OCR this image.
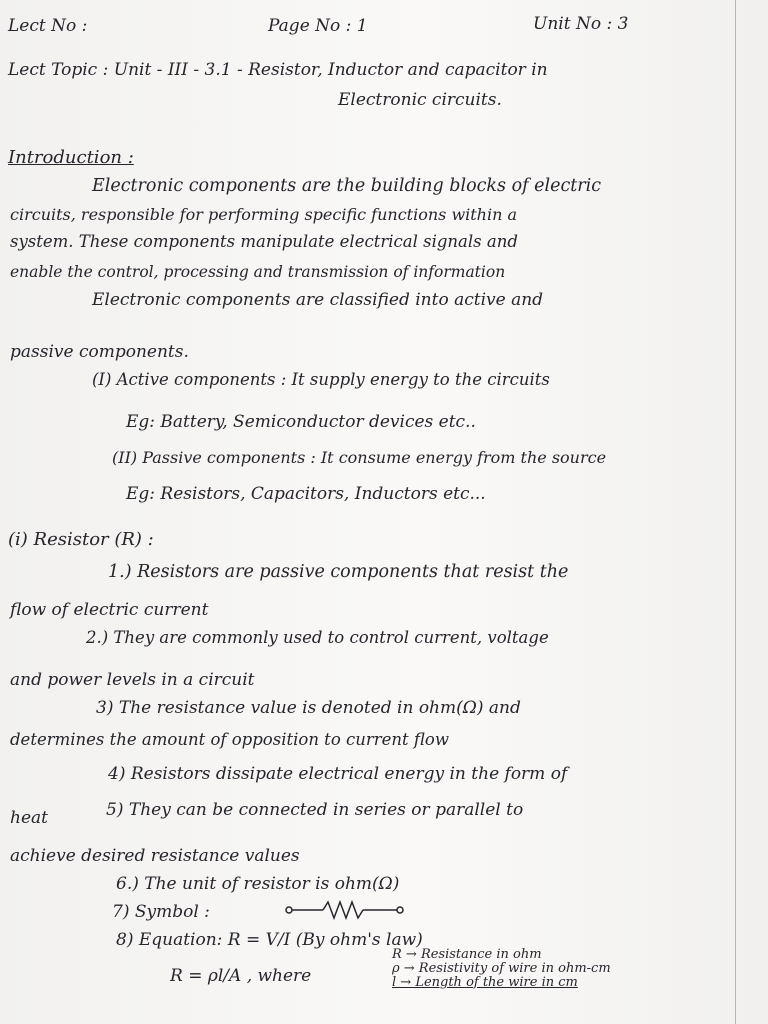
Lect No :	Page No : 1	Unit No : 3
Lect Topic : Unit - III - 3.1 - Resistor, Inductor and capacitor in
Electronic circuits.
Introduction :
Electronic components are the building blocks of electric
circuits, responsible for performing specific functions within a
system. These components manipulate electrical signals and
enable the control, processing and transmission of information
Electronic components are classified into active and
passive components.
(I) Active components : It supply energy to the circuits
Eg: Battery, Semiconductor devices etc..
(II) Passive components : It consume energy from the source
Eg: Resistors, Capacitors, Inductors etc...
(i) Resistor (R) :
1.) Resistors are passive components that resist the
flow of electric current
2.) They are commonly used to control current, voltage
and power levels in a circuit
3) The resistance value is denoted in ohm(Ω) and
determines the amount of opposition to current flow
4) Resistors dissipate electrical energy in the form of
heat	5) They can be connected in series or parallel to
achieve desired resistance values
6.) The unit of resistor is ohm(Ω)
7) Symbol :
8) Equation: R = V/I (By ohm's law)
R = ρl/A , where
R → Resistance in ohm
ρ → Resistivity of wire in ohm-cm
l → Length of the wire in cm
